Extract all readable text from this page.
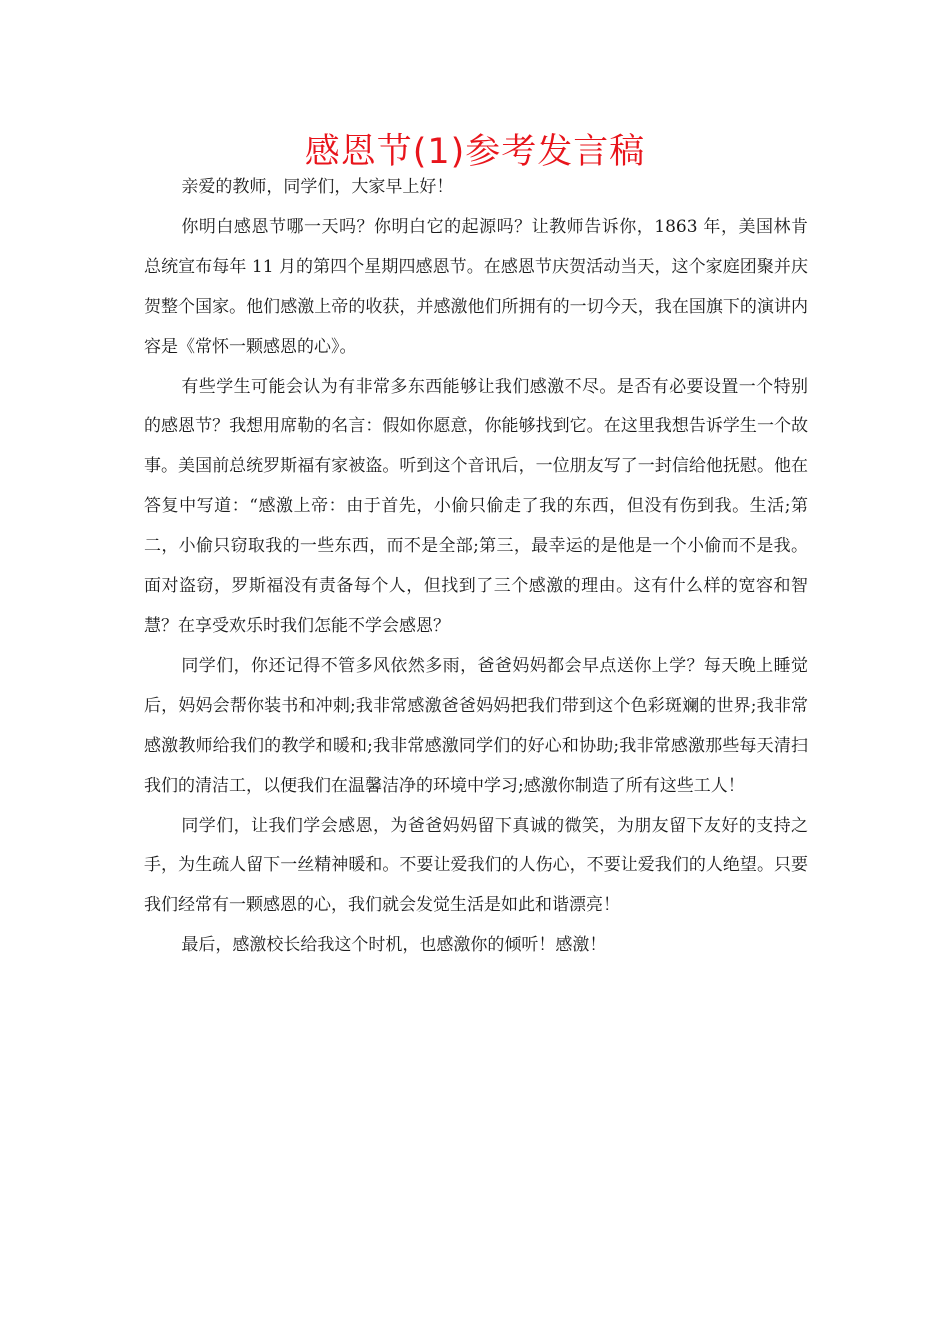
感恩节(1)参考发言稿

亲爱的教师，同学们，大家早上好！

你明白感恩节哪一天吗？你明白它的起源吗？让教师告诉你，1863 年，美国林肯总统宣布每年 11 月的第四个星期四感恩节。在感恩节庆贺活动当天，这个家庭团聚并庆贺整个国家。他们感激上帝的收获，并感激他们所拥有的一切今天，我在国旗下的演讲内容是《常怀一颗感恩的心》。

有些学生可能会认为有非常多东西能够让我们感激不尽。是否有必要设置一个特别的感恩节？我想用席勒的名言：假如你愿意，你能够找到它。在这里我想告诉学生一个故事。美国前总统罗斯福有家被盗。听到这个音讯后，一位朋友写了一封信给他抚慰。他在答复中写道：“感激上帝：由于首先，小偷只偷走了我的东西，但没有伤到我。生活;第二，小偷只窃取我的一些东西，而不是全部;第三，最幸运的是他是一个小偷而不是我。面对盗窃，罗斯福没有责备每个人，但找到了三个感激的理由。这有什么样的宽容和智慧？在享受欢乐时我们怎能不学会感恩？

同学们，你还记得不管多风依然多雨，爸爸妈妈都会早点送你上学？每天晚上睡觉后，妈妈会帮你装书和冲刺;我非常感激爸爸妈妈把我们带到这个色彩斑斓的世界;我非常感激教师给我们的教学和暖和;我非常感激同学们的好心和协助;我非常感激那些每天清扫我们的清洁工，以便我们在温馨洁净的环境中学习;感激你制造了所有这些工人！

同学们，让我们学会感恩，为爸爸妈妈留下真诚的微笑，为朋友留下友好的支持之手，为生疏人留下一丝精神暖和。不要让爱我们的人伤心，不要让爱我们的人绝望。只要我们经常有一颗感恩的心，我们就会发觉生活是如此和谐漂亮！

最后，感激校长给我这个时机，也感激你的倾听！感激！
